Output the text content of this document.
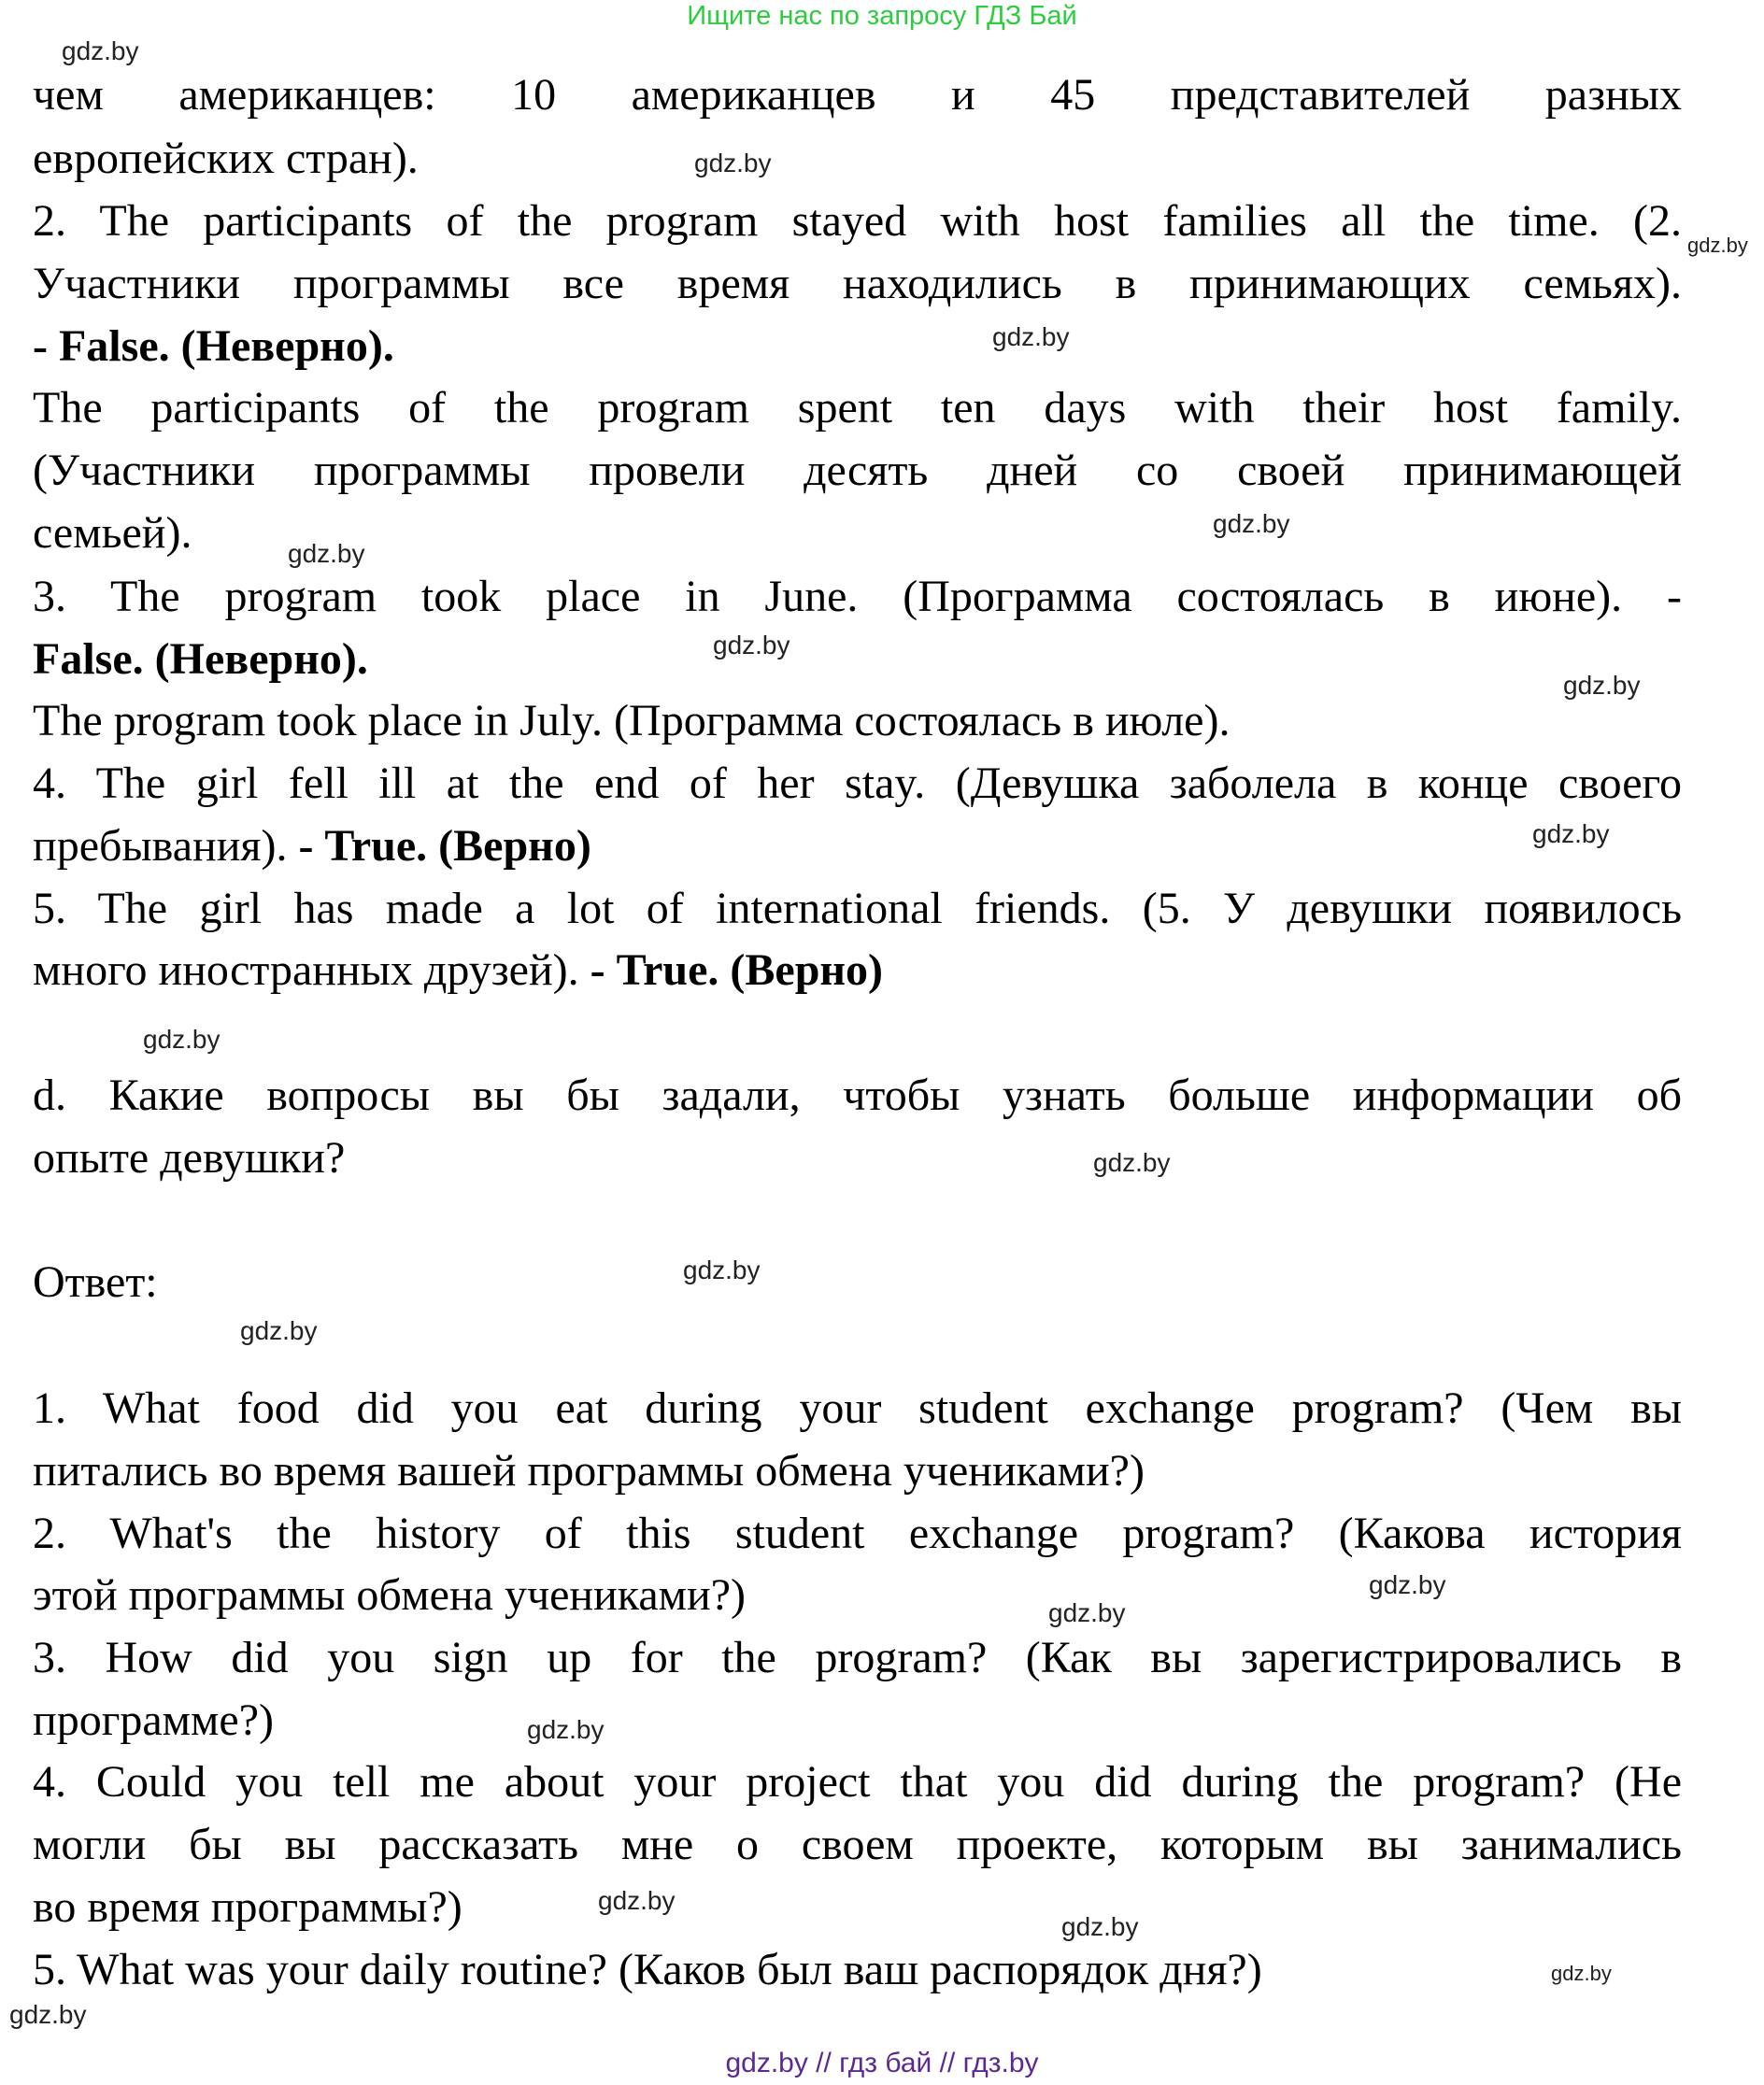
Ищите нас по запросу ГДЗ Бай
чем американцев: 10 американцев и 45 представителей разных
европейских стран).
2. The participants of the program stayed with host families all the time. (2.
Участники программы все время находились в принимающих семьях).
- False. (Неверно).
The participants of the program spent ten days with their host family.
(Участники программы провели десять дней со своей принимающей
семьей).
3. The program took place in June. (Программа состоялась в июне). -
False. (Неверно).
The program took place in July. (Программа состоялась в июле).
4. The girl fell ill at the end of her stay. (Девушка заболела в конце своего
пребывания). - True. (Верно)
5. The girl has made a lot of international friends. (5. У девушки появилось
много иностранных друзей). - True. (Верно)
d. Какие вопросы вы бы задали, чтобы узнать больше информации об
опыте девушки?
Ответ:
1. What food did you eat during your student exchange program? (Чем вы
питались во время вашей программы обмена учениками?)
2. What's the history of this student exchange program? (Какова история
этой программы обмена учениками?)
3. How did you sign up for the program? (Как вы зарегистрировались в
программе?)
4. Could you tell me about your project that you did during the program? (Не
могли бы вы рассказать мне о своем проекте, которым вы занимались
во время программы?)
5. What was your daily routine? (Каков был ваш распорядок дня?)
gdz.by
gdz.by
gdz.by
gdz.by
gdz.by
gdz.by
gdz.by
gdz.by
gdz.by
gdz.by
gdz.by
gdz.by
gdz.by
gdz.by
gdz.by
gdz.by
gdz.by
gdz.by
gdz.by
gdz.by
gdz.by // гдз бай // гдз.by
